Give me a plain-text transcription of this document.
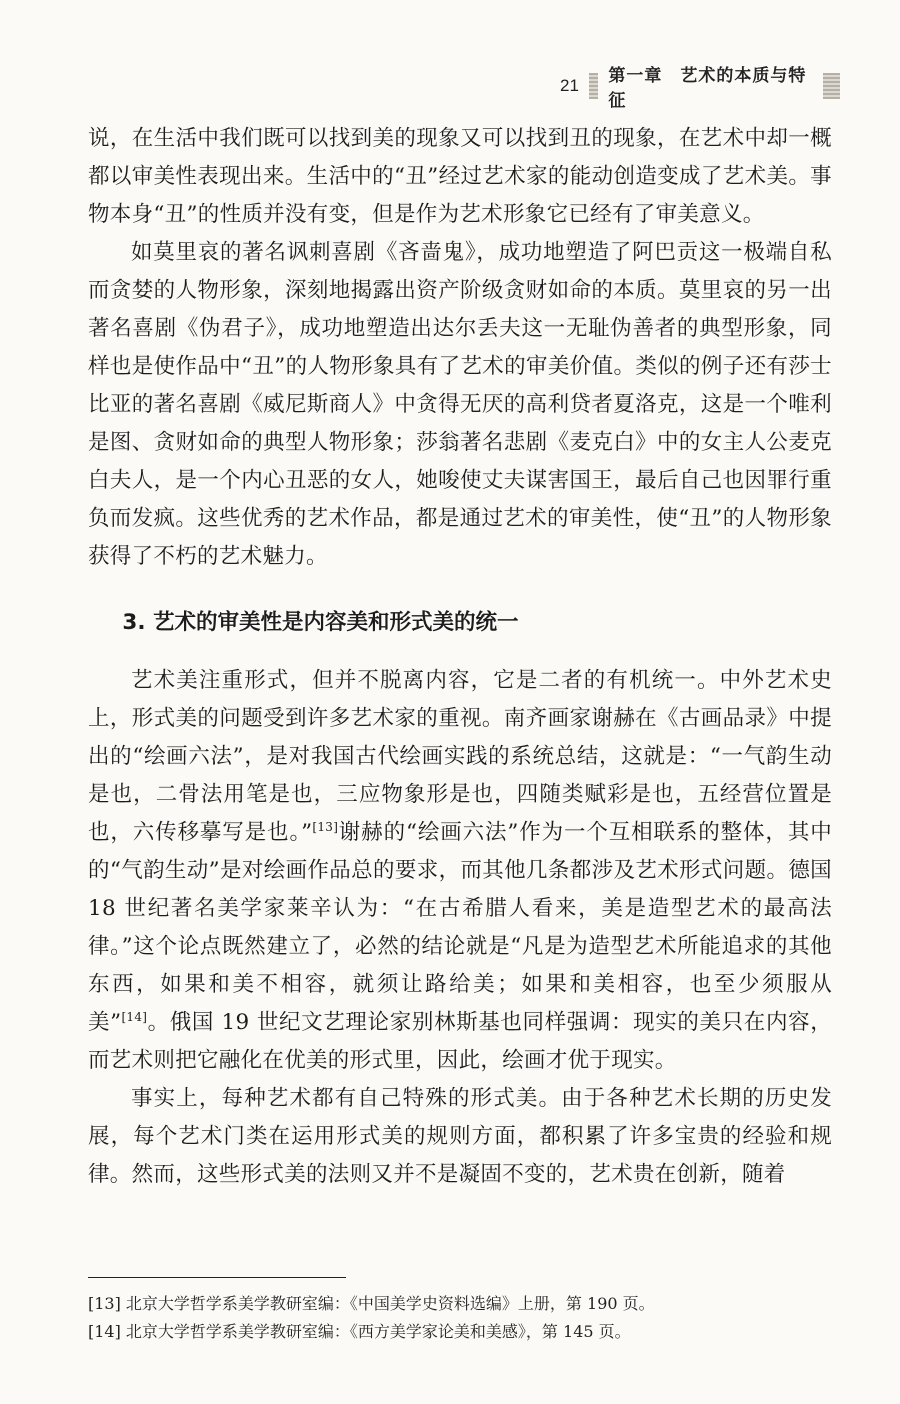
21 第一章　艺术的本质与特征

说，在生活中我们既可以找到美的现象又可以找到丑的现象，在艺术中却一概都以审美性表现出来。生活中的“丑”经过艺术家的能动创造变成了艺术美。事物本身“丑”的性质并没有变，但是作为艺术形象它已经有了审美意义。

如莫里哀的著名讽刺喜剧《吝啬鬼》，成功地塑造了阿巴贡这一极端自私而贪婪的人物形象，深刻地揭露出资产阶级贪财如命的本质。莫里哀的另一出著名喜剧《伪君子》，成功地塑造出达尔丢夫这一无耻伪善者的典型形象，同样也是使作品中“丑”的人物形象具有了艺术的审美价值。类似的例子还有莎士比亚的著名喜剧《威尼斯商人》中贪得无厌的高利贷者夏洛克，这是一个唯利是图、贪财如命的典型人物形象；莎翁著名悲剧《麦克白》中的女主人公麦克白夫人，是一个内心丑恶的女人，她唆使丈夫谋害国王，最后自己也因罪行重负而发疯。这些优秀的艺术作品，都是通过艺术的审美性，使“丑”的人物形象获得了不朽的艺术魅力。

3. 艺术的审美性是内容美和形式美的统一

艺术美注重形式，但并不脱离内容，它是二者的有机统一。中外艺术史上，形式美的问题受到许多艺术家的重视。南齐画家谢赫在《古画品录》中提出的“绘画六法”，是对我国古代绘画实践的系统总结，这就是：“一气韵生动是也，二骨法用笔是也，三应物象形是也，四随类赋彩是也，五经营位置是也，六传移摹写是也。”[13]谢赫的“绘画六法”作为一个互相联系的整体，其中的“气韵生动”是对绘画作品总的要求，而其他几条都涉及艺术形式问题。德国 18 世纪著名美学家莱辛认为：“在古希腊人看来，美是造型艺术的最高法律。”这个论点既然建立了，必然的结论就是“凡是为造型艺术所能追求的其他东西，如果和美不相容，就须让路给美；如果和美相容，也至少须服从美”[14]。俄国 19 世纪文艺理论家别林斯基也同样强调：现实的美只在内容，而艺术则把它融化在优美的形式里，因此，绘画才优于现实。

事实上，每种艺术都有自己特殊的形式美。由于各种艺术长期的历史发展，每个艺术门类在运用形式美的规则方面，都积累了许多宝贵的经验和规律。然而，这些形式美的法则又并不是凝固不变的，艺术贵在创新，随着

[13] 北京大学哲学系美学教研室编：《中国美学史资料选编》上册，第 190 页。

[14] 北京大学哲学系美学教研室编：《西方美学家论美和美感》，第 145 页。
